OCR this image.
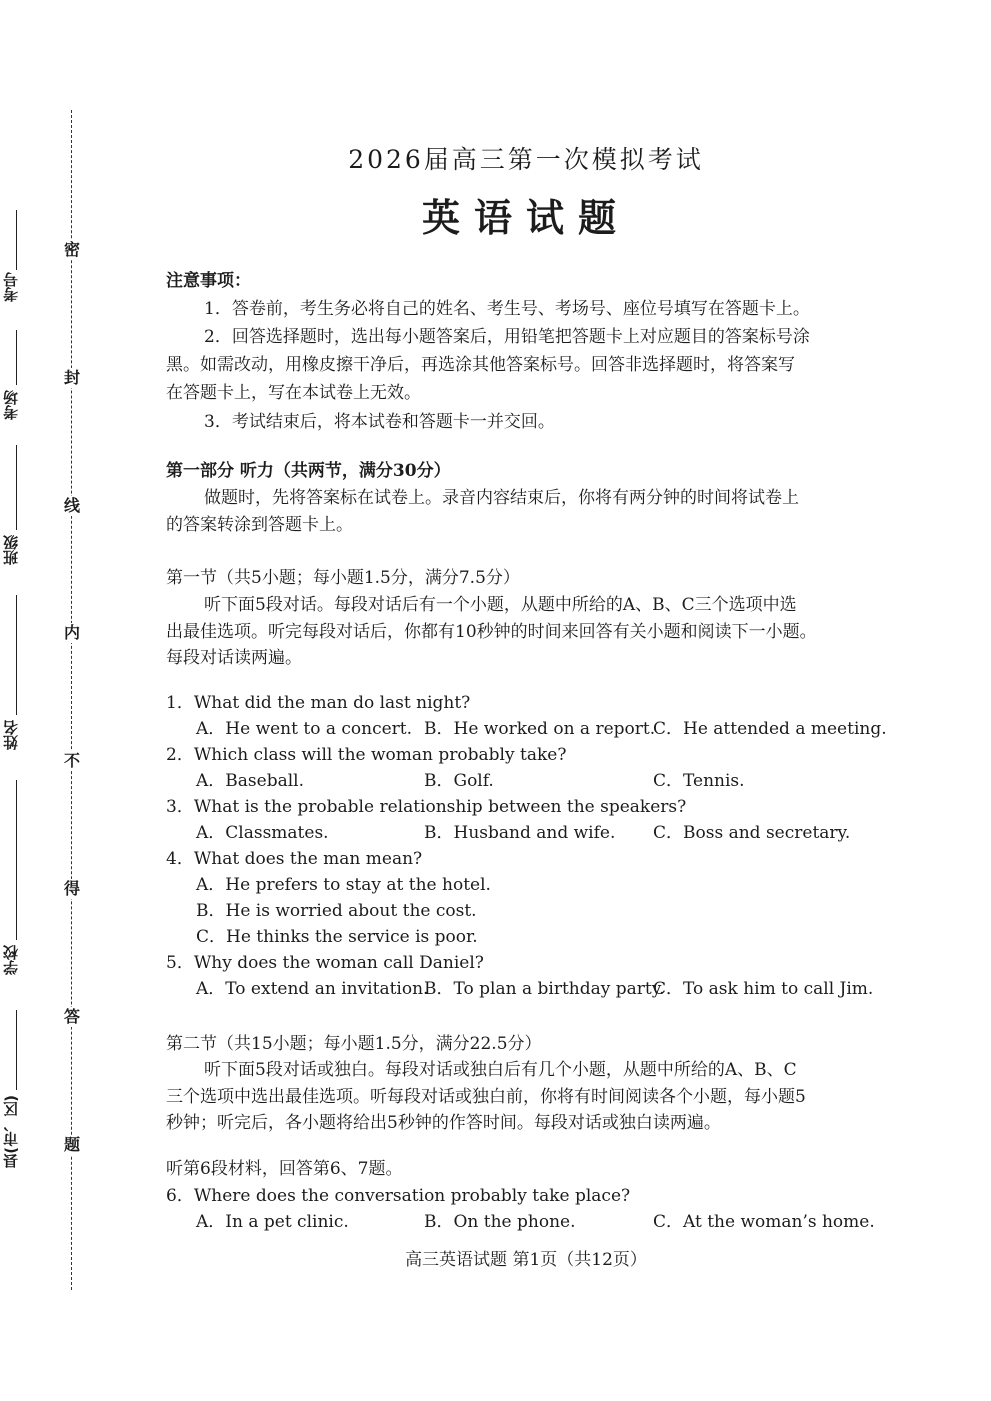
密
封
线
内
不
得
答
题
考号
考场
班级
姓名
学校
县(市、区)
2026届高三第一次模拟考试
英语试题
注意事项：
1．答卷前，考生务必将自己的姓名、考生号、考场号、座位号填写在答题卡上。
2．回答选择题时，选出每小题答案后，用铅笔把答题卡上对应题目的答案标号涂
黑。如需改动，用橡皮擦干净后，再选涂其他答案标号。回答非选择题时，将答案写
在答题卡上，写在本试卷上无效。
3．考试结束后，将本试卷和答题卡一并交回。
第一部分 听力（共两节，满分30分）
做题时，先将答案标在试卷上。录音内容结束后，你将有两分钟的时间将试卷上
的答案转涂到答题卡上。
第一节（共5小题；每小题1.5分，满分7.5分）
听下面5段对话。每段对话后有一个小题，从题中所给的A、B、C三个选项中选
出最佳选项。听完每段对话后，你都有10秒钟的时间来回答有关小题和阅读下一小题。
每段对话读两遍。
1．What did the man do last night?
A．He went to a concert. B．He worked on a report.
C．He attended a meeting.
2．Which class will the woman probably take?
A．Baseball.	B．Golf.	C．Tennis.
3．What is the probable relationship between the speakers?
A．Classmates.	B．Husband and wife. C．Boss and secretary.
4．What does the man mean?
A．He prefers to stay at the hotel.
B．He is worried about the cost.
C．He thinks the service is poor.
5．Why does the woman call Daniel?
A．To extend an invitation.
B．To plan a birthday party.
C．To ask him to call Jim.
第二节（共15小题；每小题1.5分，满分22.5分）
听下面5段对话或独白。每段对话或独白后有几个小题，从题中所给的A、B、C
三个选项中选出最佳选项。听每段对话或独白前，你将有时间阅读各个小题，每小题5
秒钟；听完后，各小题将给出5秒钟的作答时间。每段对话或独白读两遍。
听第6段材料，回答第6、7题。
6．Where does the conversation probably take place?
A．In a pet clinic.	B．On the phone.	C．At the woman’s home.
高三英语试题 第1页（共12页）
